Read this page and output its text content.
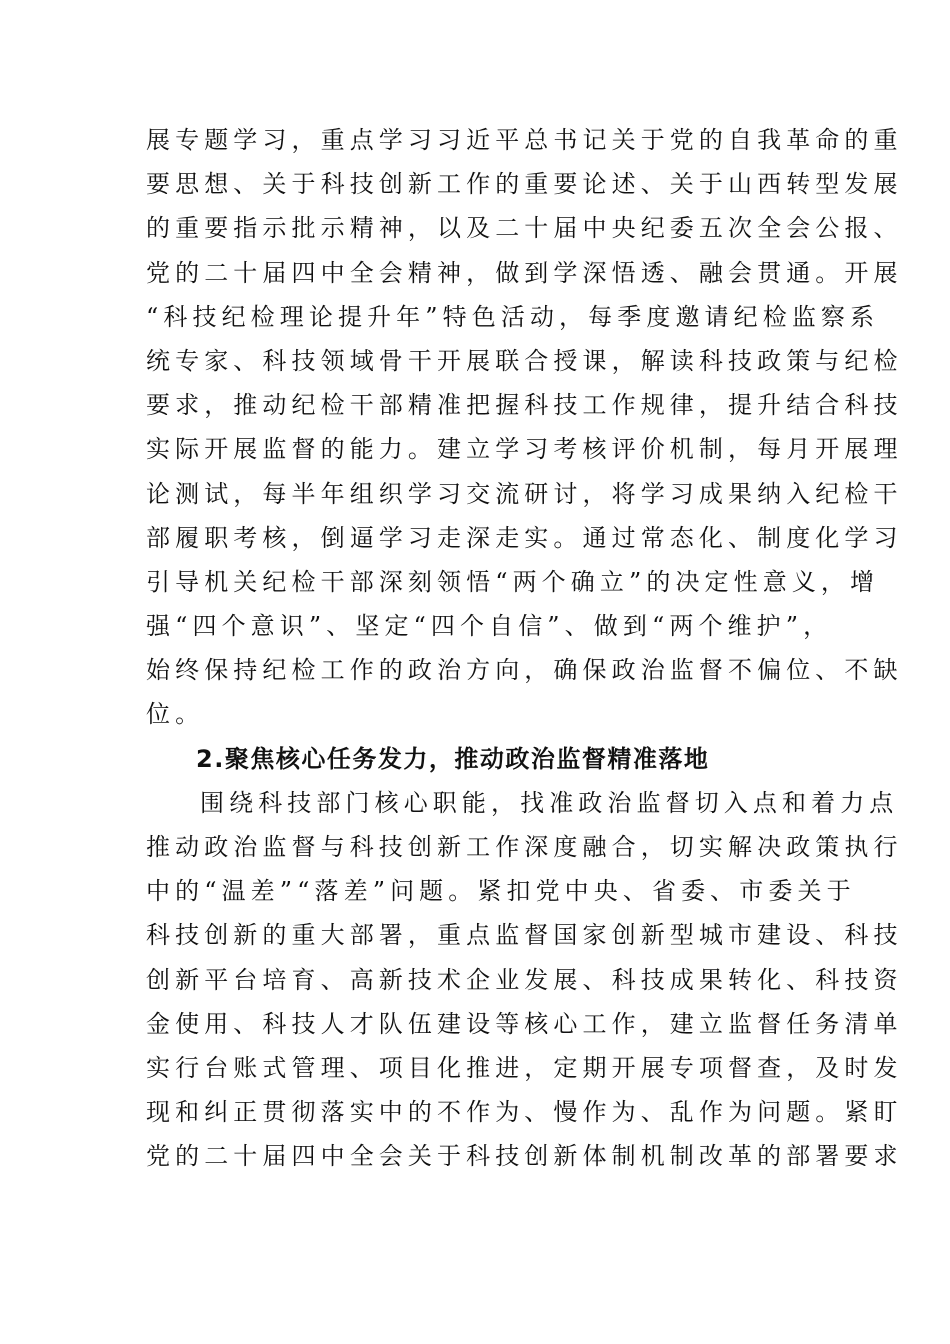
展专题学习，重点学习习近平总书记关于党的自我革命的重
要思想、关于科技创新工作的重要论述、关于山西转型发展
的重要指示批示精神，以及二十届中央纪委五次全会公报、
党的二十届四中全会精神，做到学深悟透、融会贯通。开展
“科技纪检理论提升年”特色活动，每季度邀请纪检监察系
统专家、科技领域骨干开展联合授课，解读科技政策与纪检
要求，推动纪检干部精准把握科技工作规律，提升结合科技
实际开展监督的能力。建立学习考核评价机制，每月开展理
论测试，每半年组织学习交流研讨，将学习成果纳入纪检干
部履职考核，倒逼学习走深走实。通过常态化、制度化学习
引导机关纪检干部深刻领悟“两个确立”的决定性意义，增
强“四个意识”、坚定“四个自信”、做到“两个维护”，
始终保持纪检工作的政治方向，确保政治监督不偏位、不缺
位。
2.聚焦核心任务发力，推动政治监督精准落地
围绕科技部门核心职能，找准政治监督切入点和着力点
推动政治监督与科技创新工作深度融合，切实解决政策执行
中的“温差”“落差”问题。紧扣党中央、省委、市委关于
科技创新的重大部署，重点监督国家创新型城市建设、科技
创新平台培育、高新技术企业发展、科技成果转化、科技资
金使用、科技人才队伍建设等核心工作，建立监督任务清单
实行台账式管理、项目化推进，定期开展专项督查，及时发
现和纠正贯彻落实中的不作为、慢作为、乱作为问题。紧盯
党的二十届四中全会关于科技创新体制机制改革的部署要求
